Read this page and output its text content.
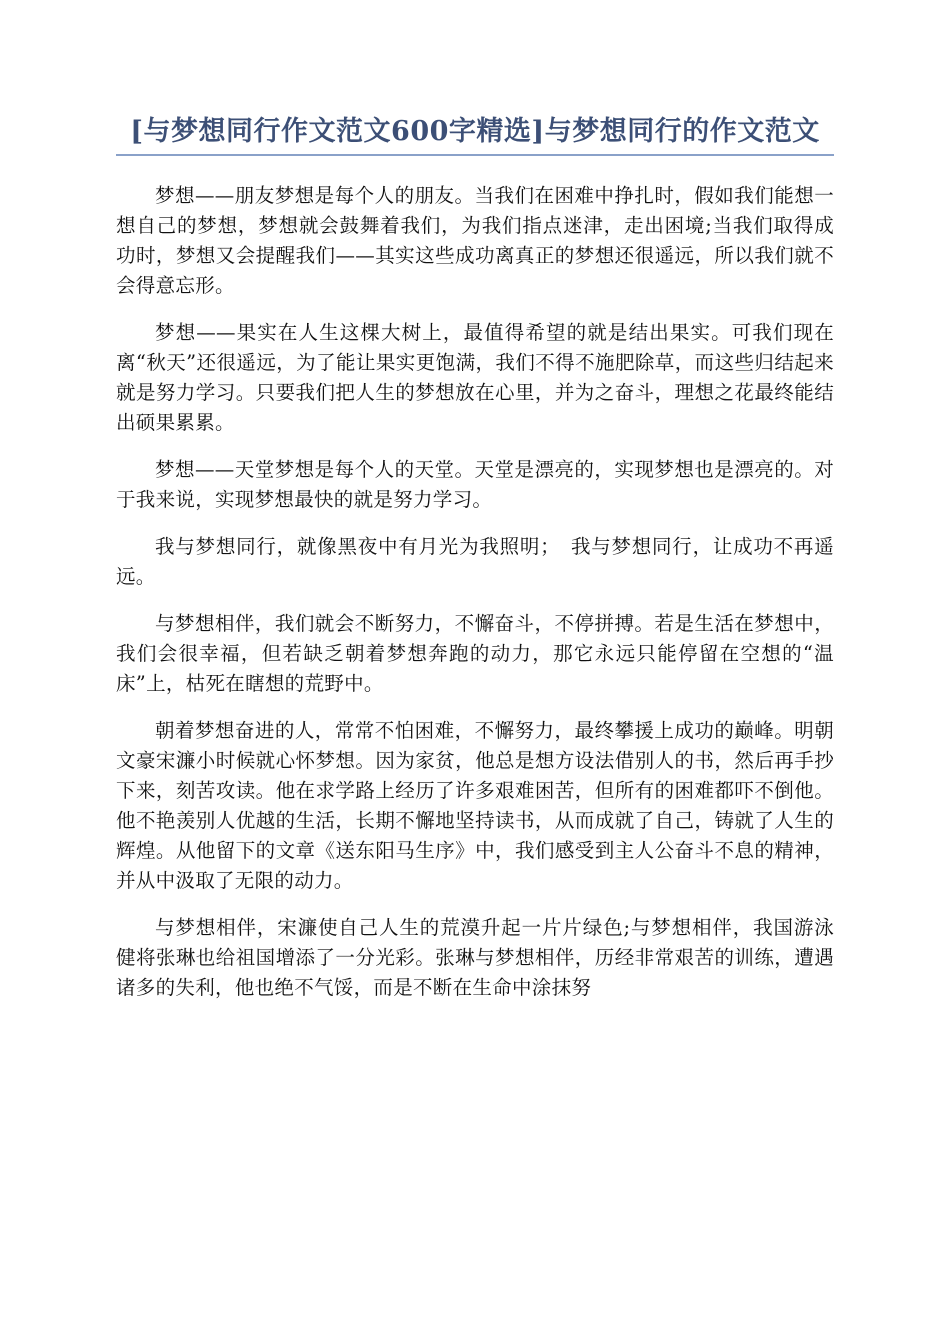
[与梦想同行作文范文600字精选]与梦想同行的作文范文

梦想——朋友梦想是每个人的朋友。当我们在困难中挣扎时，假如我们能想一想自己的梦想，梦想就会鼓舞着我们，为我们指点迷津，走出困境;当我们取得成功时，梦想又会提醒我们——其实这些成功离真正的梦想还很遥远，所以我们就不会得意忘形。

梦想——果实在人生这棵大树上，最值得希望的就是结出果实。可我们现在离“秋天”还很遥远，为了能让果实更饱满，我们不得不施肥除草，而这些归结起来就是努力学习。只要我们把人生的梦想放在心里，并为之奋斗，理想之花最终能结出硕果累累。

梦想——天堂梦想是每个人的天堂。天堂是漂亮的，实现梦想也是漂亮的。对于我来说，实现梦想最快的就是努力学习。

我与梦想同行，就像黑夜中有月光为我照明；　我与梦想同行，让成功不再遥远。

与梦想相伴，我们就会不断努力，不懈奋斗，不停拼搏。若是生活在梦想中，我们会很幸福，但若缺乏朝着梦想奔跑的动力，那它永远只能停留在空想的“温床”上，枯死在瞎想的荒野中。

朝着梦想奋进的人，常常不怕困难，不懈努力，最终攀援上成功的巅峰。明朝文豪宋濂小时候就心怀梦想。因为家贫，他总是想方设法借别人的书，然后再手抄下来，刻苦攻读。他在求学路上经历了许多艰难困苦，但所有的困难都吓不倒他。他不艳羡别人优越的生活，长期不懈地坚持读书，从而成就了自己，铸就了人生的辉煌。从他留下的文章《送东阳马生序》中，我们感受到主人公奋斗不息的精神，并从中汲取了无限的动力。

与梦想相伴，宋濂使自己人生的荒漠升起一片片绿色;与梦想相伴，我国游泳健将张琳也给祖国增添了一分光彩。张琳与梦想相伴，历经非常艰苦的训练，遭遇诸多的失利，他也绝不气馁，而是不断在生命中涂抹努
